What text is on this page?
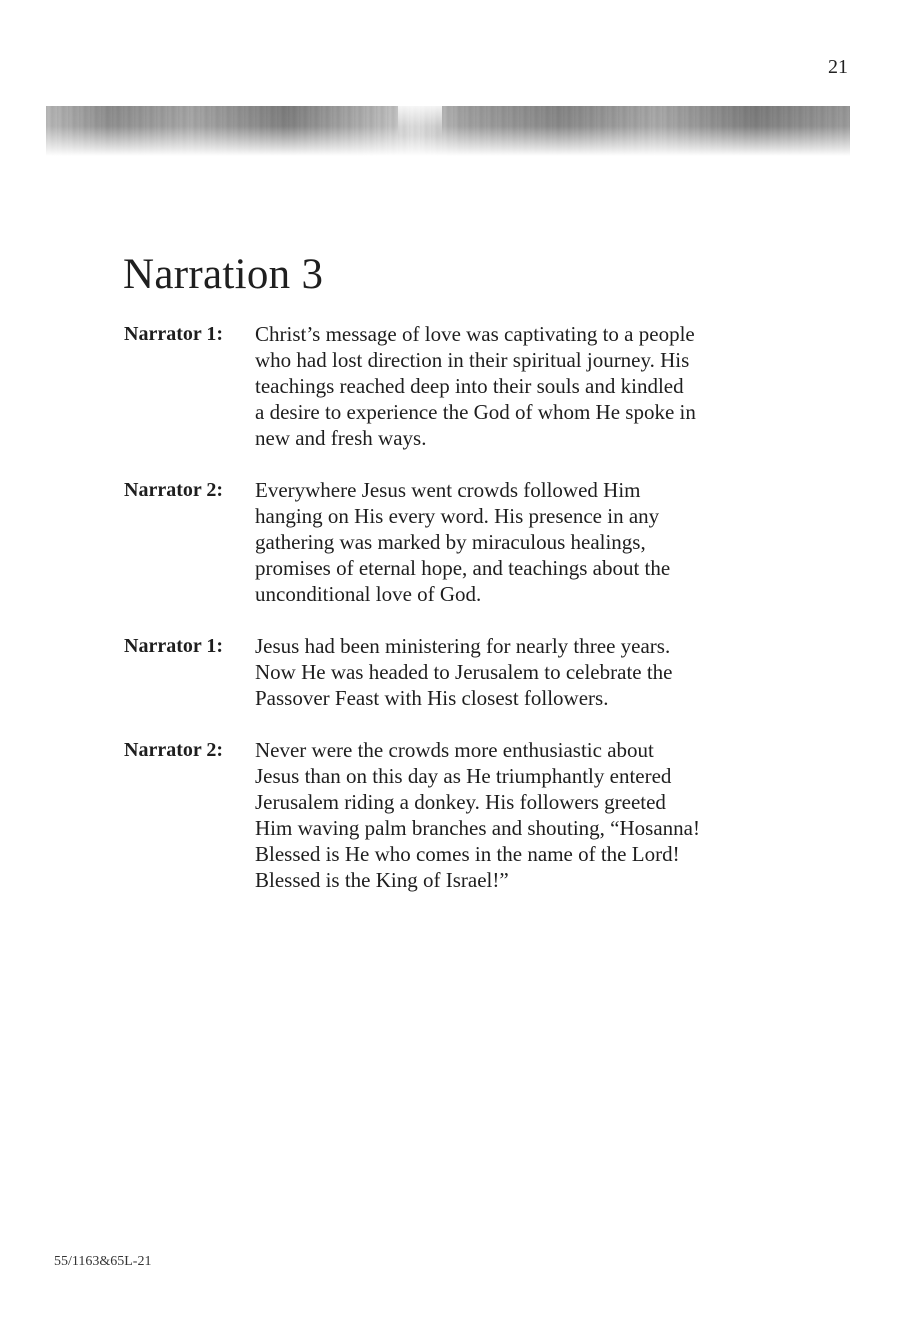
21
Narration 3
Narrator 1:	Christ’s message of love was captivating to a people
who had lost direction in their spiritual journey. His
teachings reached deep into their souls and kindled
a desire to experience the God of whom He spoke in
new and fresh ways.
Narrator 2:	Everywhere Jesus went crowds followed Him
hanging on His every word. His presence in any
gathering was marked by miraculous healings,
promises of eternal hope, and teachings about the
unconditional love of God.
Narrator 1:	Jesus had been ministering for nearly three years.
Now He was headed to Jerusalem to celebrate the
Passover Feast with His closest followers.
Narrator 2:	Never were the crowds more enthusiastic about
Jesus than on this day as He triumphantly entered
Jerusalem riding a donkey. His followers greeted
Him waving palm branches and shouting, “Hosanna!
Blessed is He who comes in the name of the Lord!
Blessed is the King of Israel!”
55/1163&65L-21
